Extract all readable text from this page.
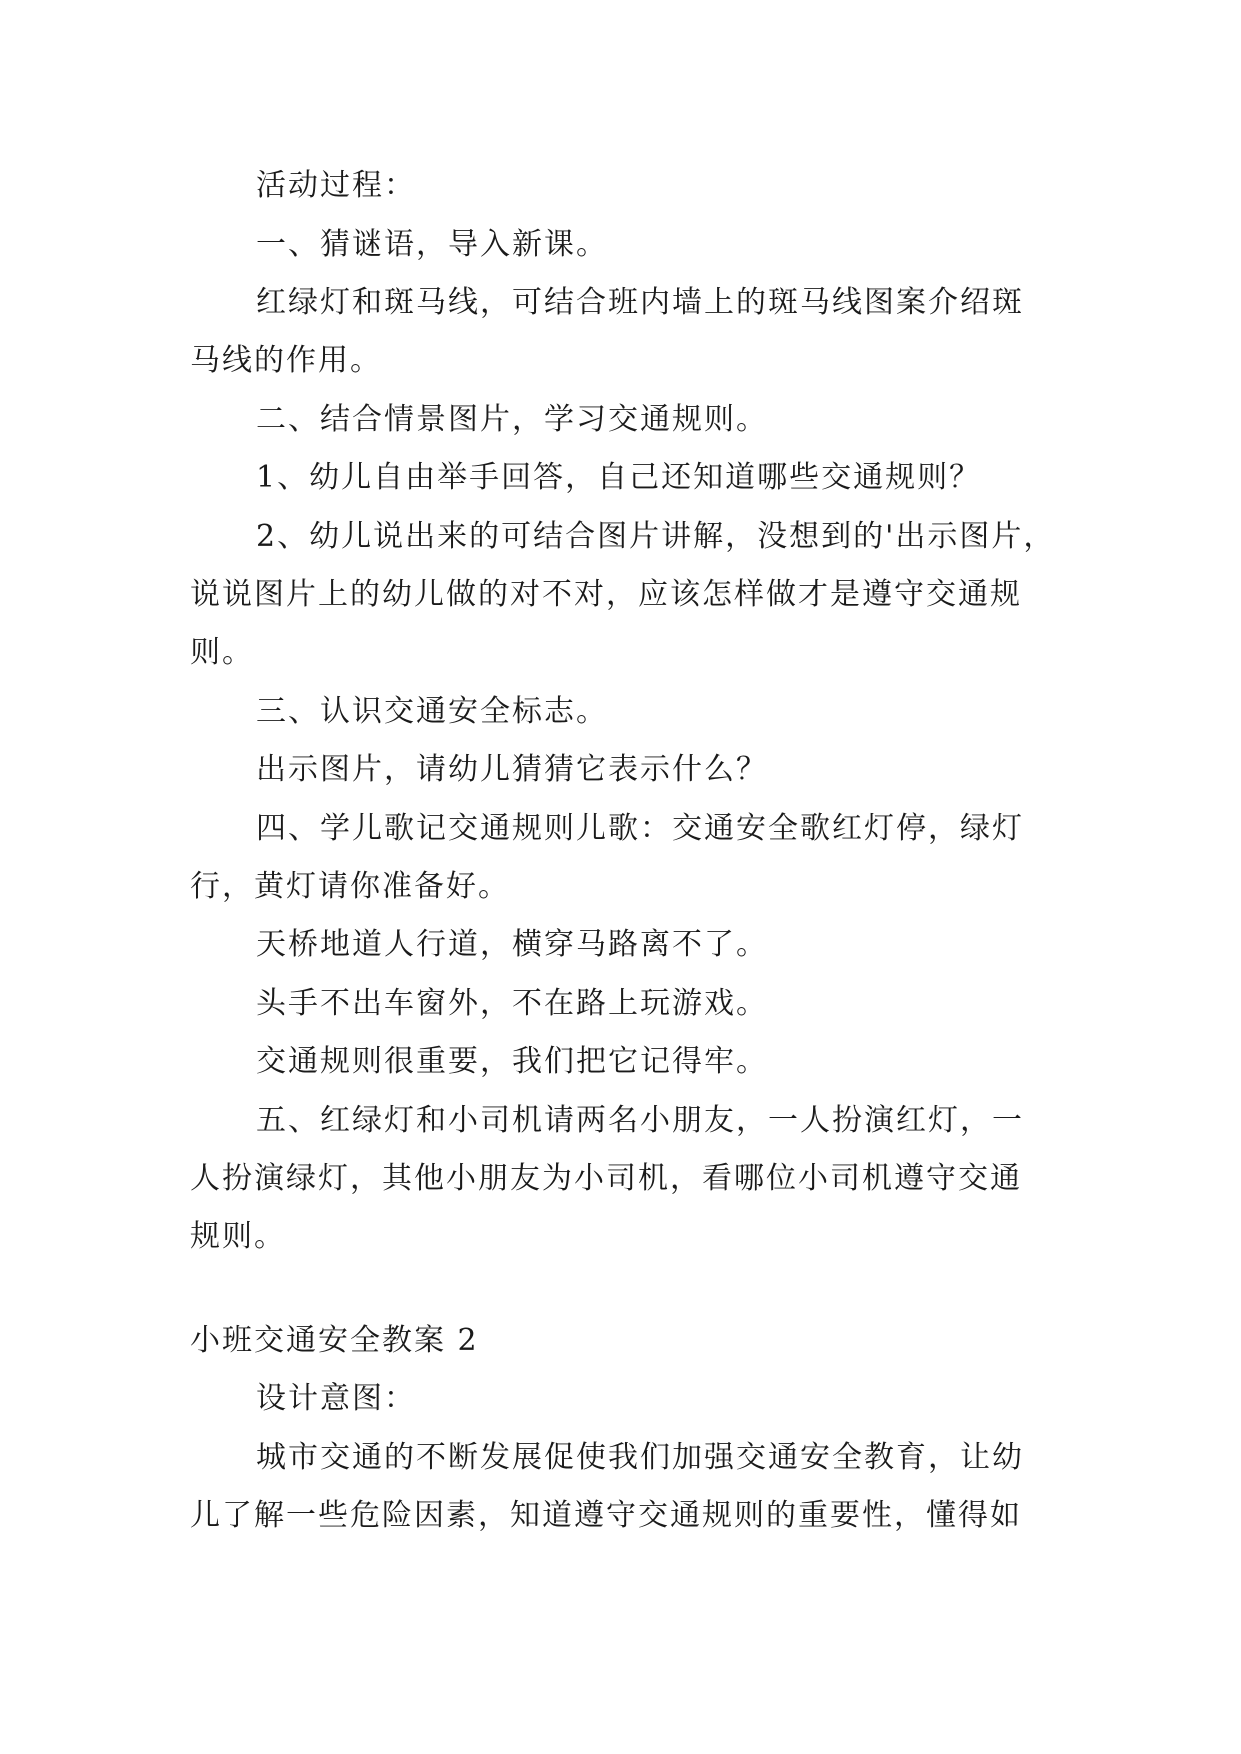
活动过程：

一、猜谜语，导入新课。

红绿灯和斑马线，可结合班内墙上的斑马线图案介绍斑

马线的作用。

二、结合情景图片，学习交通规则。

1、幼儿自由举手回答，自己还知道哪些交通规则？

2、幼儿说出来的可结合图片讲解，没想到的'出示图片，

说说图片上的幼儿做的对不对，应该怎样做才是遵守交通规

则。

三、认识交通安全标志。

出示图片，请幼儿猜猜它表示什么？

四、学儿歌记交通规则儿歌：交通安全歌红灯停，绿灯

行，黄灯请你准备好。

天桥地道人行道，横穿马路离不了。

头手不出车窗外，不在路上玩游戏。

交通规则很重要，我们把它记得牢。

五、红绿灯和小司机请两名小朋友，一人扮演红灯，一

人扮演绿灯，其他小朋友为小司机，看哪位小司机遵守交通

规则。

小班交通安全教案 2

设计意图：

城市交通的不断发展促使我们加强交通安全教育，让幼

儿了解一些危险因素，知道遵守交通规则的重要性，懂得如
